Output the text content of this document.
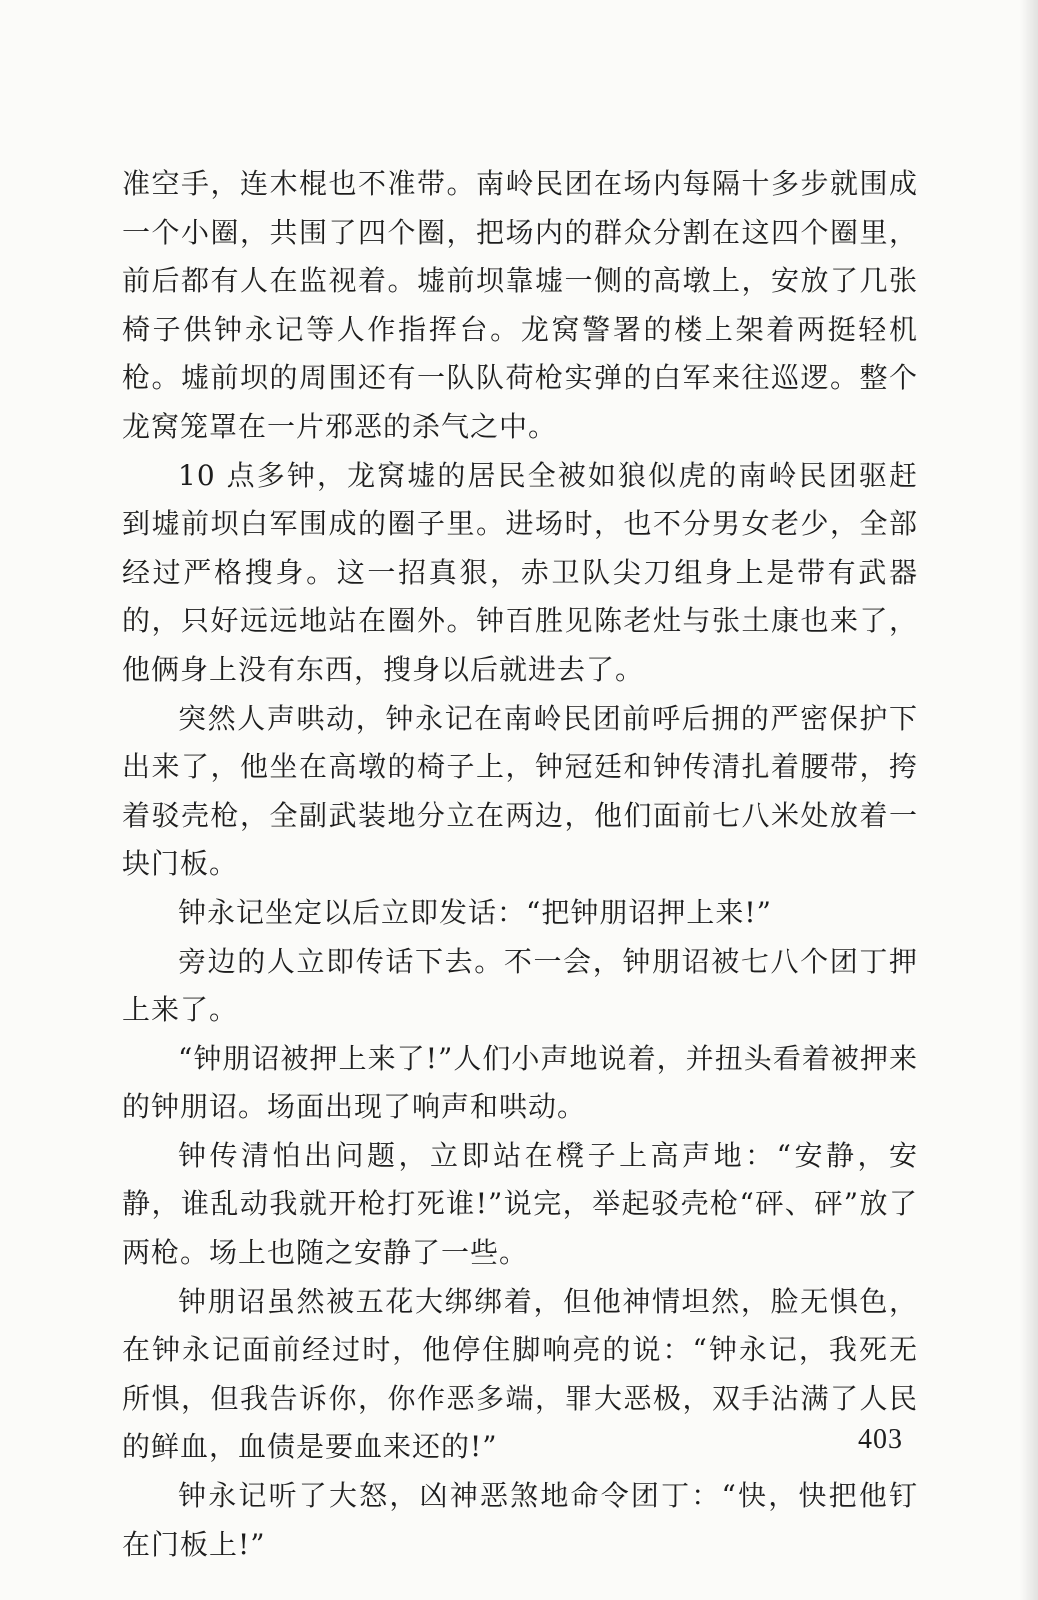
准空手，连木棍也不准带。南岭民团在场内每隔十多步就围成一个小圈，共围了四个圈，把场内的群众分割在这四个圈里，前后都有人在监视着。墟前坝靠墟一侧的高墩上，安放了几张椅子供钟永记等人作指挥台。龙窝警署的楼上架着两挺轻机枪。墟前坝的周围还有一队队荷枪实弹的白军来往巡逻。整个龙窝笼罩在一片邪恶的杀气之中。

10 点多钟，龙窝墟的居民全被如狼似虎的南岭民团驱赶到墟前坝白军围成的圈子里。进场时，也不分男女老少，全部经过严格搜身。这一招真狠，赤卫队尖刀组身上是带有武器的，只好远远地站在圈外。钟百胜见陈老灶与张土康也来了，他俩身上没有东西，搜身以后就进去了。

突然人声哄动，钟永记在南岭民团前呼后拥的严密保护下出来了，他坐在高墩的椅子上，钟冠廷和钟传清扎着腰带，挎着驳壳枪，全副武装地分立在两边，他们面前七八米处放着一块门板。

钟永记坐定以后立即发话：“把钟朋诏押上来!”

旁边的人立即传话下去。不一会，钟朋诏被七八个团丁押上来了。

“钟朋诏被押上来了!”人们小声地说着，并扭头看着被押来的钟朋诏。场面出现了响声和哄动。

钟传清怕出问题，立即站在櫈子上高声地：“安静，安静，谁乱动我就开枪打死谁!”说完，举起驳壳枪“砰、砰”放了两枪。场上也随之安静了一些。

钟朋诏虽然被五花大绑绑着，但他神情坦然，脸无惧色，在钟永记面前经过时，他停住脚响亮的说：“钟永记，我死无所惧，但我告诉你，你作恶多端，罪大恶极，双手沾满了人民的鲜血，血债是要血来还的!”

钟永记听了大怒，凶神恶煞地命令团丁：“快，快把他钉在门板上!”

403
